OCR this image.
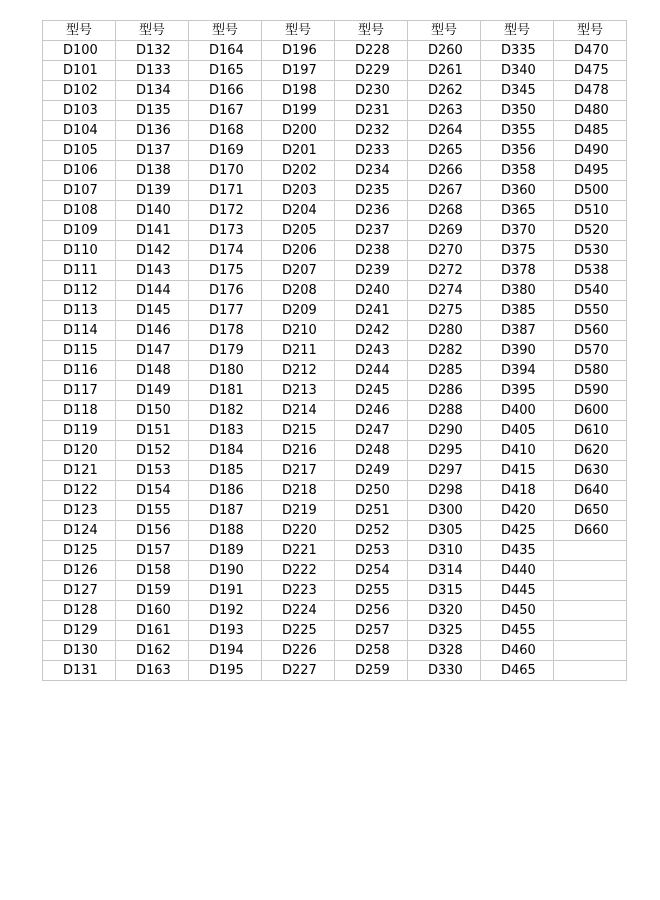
型号	型号	型号	型号	型号	型号	型号	型号
D100	D132	D164	D196	D228	D260	D335	D470
D101	D133	D165	D197	D229	D261	D340	D475
D102	D134	D166	D198	D230	D262	D345	D478
D103	D135	D167	D199	D231	D263	D350	D480
D104	D136	D168	D200	D232	D264	D355	D485
D105	D137	D169	D201	D233	D265	D356	D490
D106	D138	D170	D202	D234	D266	D358	D495
D107	D139	D171	D203	D235	D267	D360	D500
D108	D140	D172	D204	D236	D268	D365	D510
D109	D141	D173	D205	D237	D269	D370	D520
D110	D142	D174	D206	D238	D270	D375	D530
D111	D143	D175	D207	D239	D272	D378	D538
D112	D144	D176	D208	D240	D274	D380	D540
D113	D145	D177	D209	D241	D275	D385	D550
D114	D146	D178	D210	D242	D280	D387	D560
D115	D147	D179	D211	D243	D282	D390	D570
D116	D148	D180	D212	D244	D285	D394	D580
D117	D149	D181	D213	D245	D286	D395	D590
D118	D150	D182	D214	D246	D288	D400	D600
D119	D151	D183	D215	D247	D290	D405	D610
D120	D152	D184	D216	D248	D295	D410	D620
D121	D153	D185	D217	D249	D297	D415	D630
D122	D154	D186	D218	D250	D298	D418	D640
D123	D155	D187	D219	D251	D300	D420	D650
D124	D156	D188	D220	D252	D305	D425	D660
D125	D157	D189	D221	D253	D310	D435	
D126	D158	D190	D222	D254	D314	D440	
D127	D159	D191	D223	D255	D315	D445	
D128	D160	D192	D224	D256	D320	D450	
D129	D161	D193	D225	D257	D325	D455	
D130	D162	D194	D226	D258	D328	D460	
D131	D163	D195	D227	D259	D330	D465	
